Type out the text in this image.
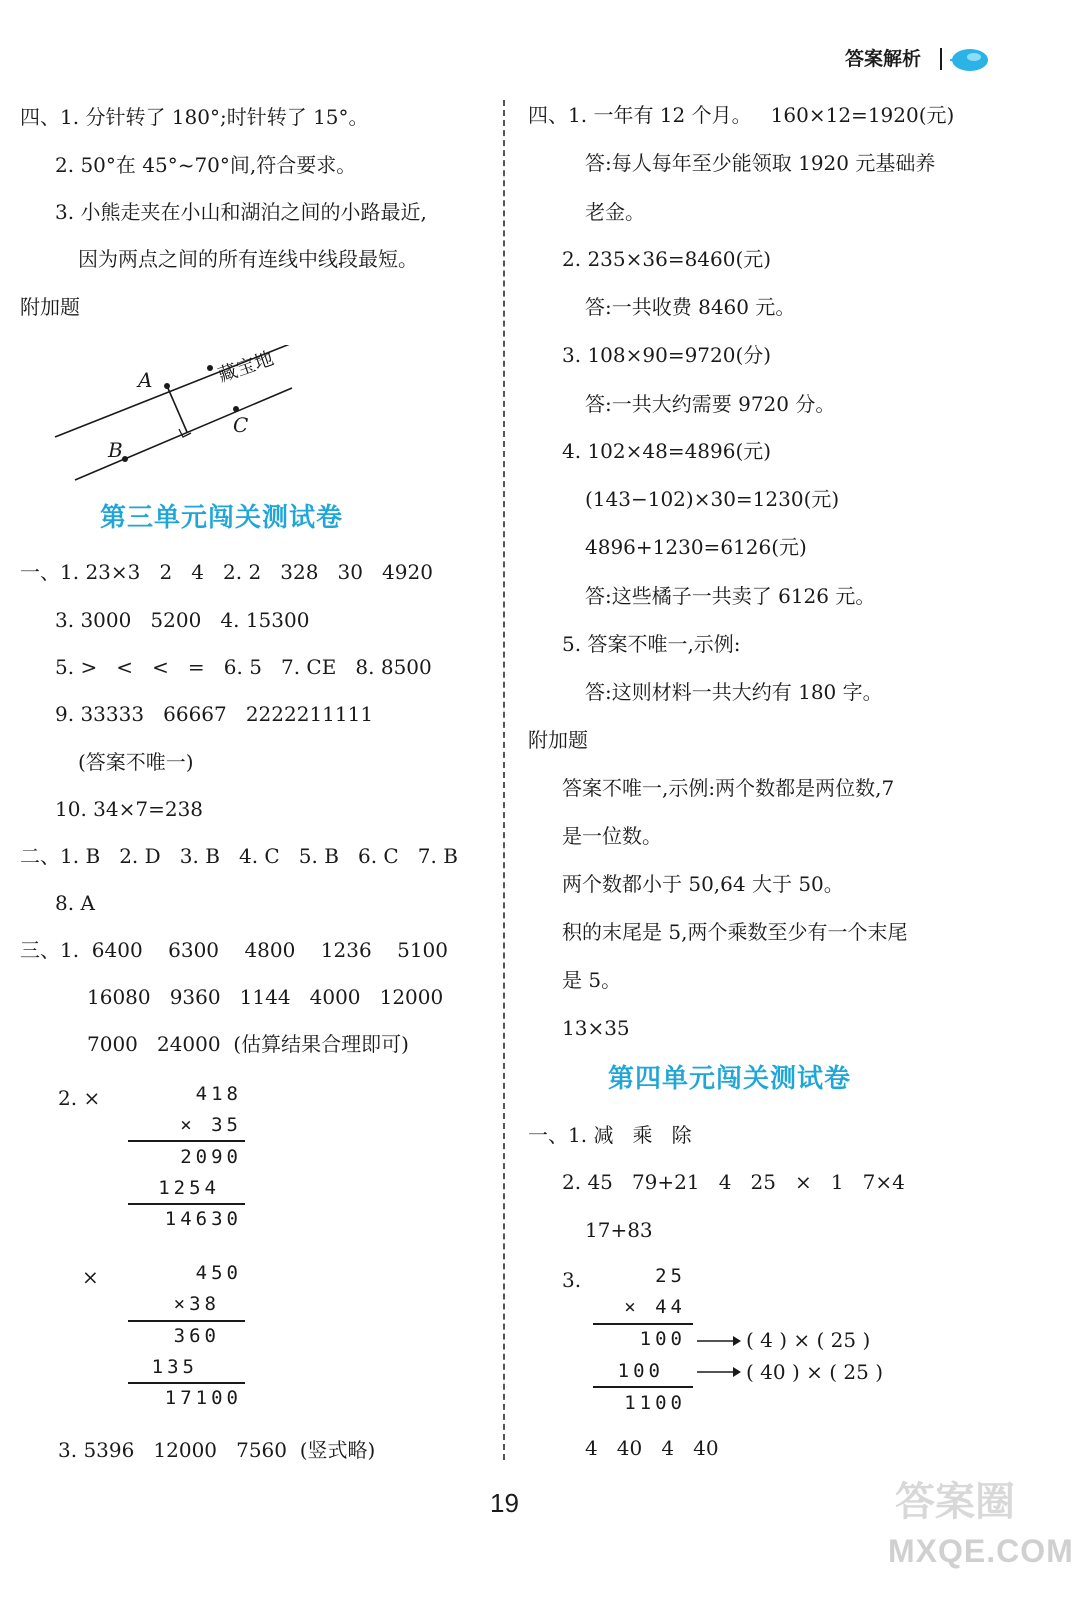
答案解析
四、1. 分针转了 180°;时针转了 15°。
2. 50°在 45°~70°间,符合要求。
3. 小熊走夹在小山和湖泊之间的小路最近,
因为两点之间的所有连线中线段最短。
附加题
A
B
C
藏宝地
第三单元闯关测试卷
一、1. 23×3   2   4   2. 2   328   30   4920
3. 3000   5200   4. 15300
5. >   <   <   =   6. 5   7. CE   8. 8500
9. 33333   66667   2222211111
(答案不唯一)
10. 34×7=238
二、1. B   2. D   3. B   4. C   5. B   6. C   7. B
8. A
三、1.  6400    6300    4800    1236    5100
16080   9360   1144   4000   12000
7000   24000  (估算结果合理即可)
2. ×	418
× 35
2090
1254
14630
×	450
×38
360
135
17100
3. 5396   12000   7560  (竖式略)
四、1. 一年有 12 个月。   160×12=1920(元)
答:每人每年至少能领取 1920 元基础养
老金。
2. 235×36=8460(元)
答:一共收费 8460 元。
3. 108×90=9720(分)
答:一共大约需要 9720 分。
4. 102×48=4896(元)
(143−102)×30=1230(元)
4896+1230=6126(元)
答:这些橘子一共卖了 6126 元。
5. 答案不唯一,示例:
答:这则材料一共大约有 180 字。
附加题
答案不唯一,示例:两个数都是两位数,7
是一位数。
两个数都小于 50,64 大于 50。
积的末尾是 5,两个乘数至少有一个末尾
是 5。
13×35
第四单元闯关测试卷
一、1. 减   乘   除
2. 45   79+21   4   25   ×   1   7×4
17+83
3.	25
× 44
100
100
1100
( 4 ) × ( 25 )
( 40 ) × ( 25 )
4   40   4   40
19	答案圈
MXQE.COM
